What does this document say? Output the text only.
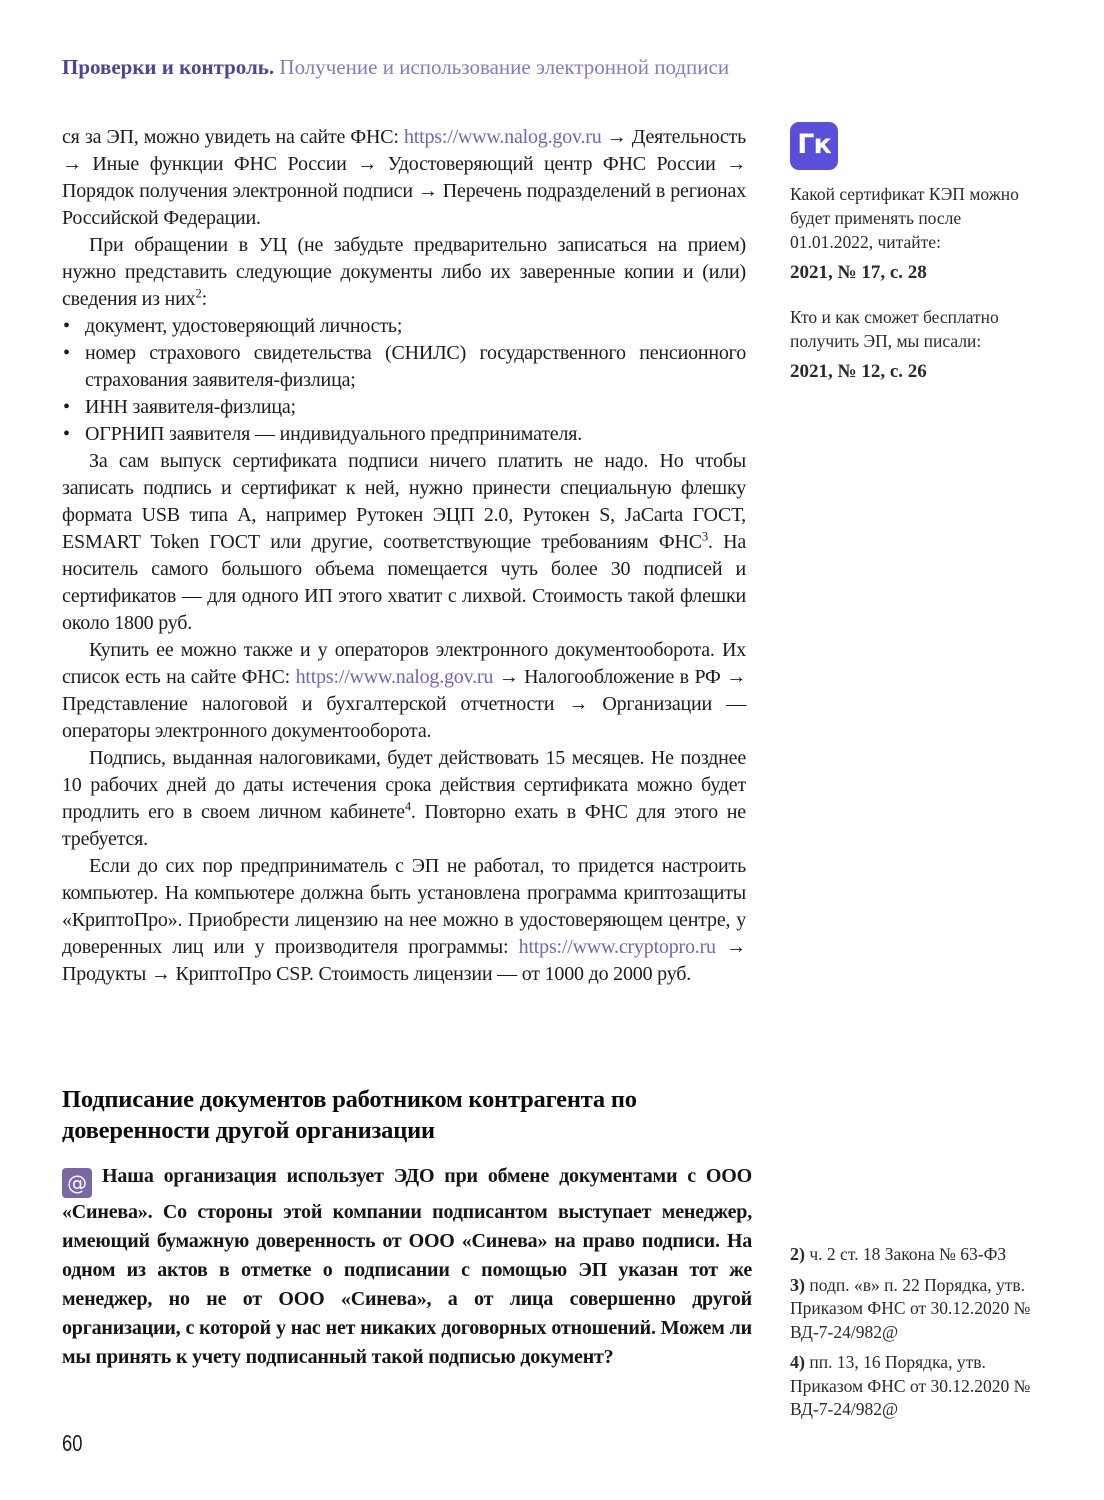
Проверки и контроль. Получение и использование электронной подписи

ся за ЭП, можно увидеть на сайте ФНС: https://www.nalog.gov.ru → Деятельность → Иные функции ФНС России → Удостоверяющий центр ФНС России → Порядок получения электронной подписи → Перечень подразделений в регионах Российской Федерации.

При обращении в УЦ (не забудьте предварительно записаться на прием) нужно представить следующие документы либо их заверенные копии и (или) сведения из них$^2$:

• документ, удостоверяющий личность;
• номер страхового свидетельства (СНИЛС) государственного пенсионного страхования заявителя-физлица;
• ИНН заявителя-физлица;
• ОГРНИП заявителя — индивидуального предпринимателя.

За сам выпуск сертификата подписи ничего платить не надо. Но чтобы записать подпись и сертификат к ней, нужно принести специальную флешку формата USB типа А, например Рутокен ЭЦП 2.0, Рутокен S, JaCarta ГОСТ, ESMART Token ГОСТ или другие, соответствующие требованиям ФНС$^3$. На носитель самого большого объема помещается чуть более 30 подписей и сертификатов — для одного ИП этого хватит с лихвой. Стоимость такой флешки около 1800 руб.

Купить ее можно также и у операторов электронного документооборота. Их список есть на сайте ФНС: https://www.nalog.gov.ru → Налогообложение в РФ → Представление налоговой и бухгалтерской отчетности → Организации — операторы электронного документооборота.

Подпись, выданная налоговиками, будет действовать 15 месяцев. Не позднее 10 рабочих дней до даты истечения срока действия сертификата можно будет продлить его в своем личном кабинете$^4$. Повторно ехать в ФНС для этого не требуется.

Если до сих пор предприниматель с ЭП не работал, то придется настроить компьютер. На компьютере должна быть установлена программа криптозащиты «КриптоПро». Приобрести лицензию на нее можно в удостоверяющем центре, у доверенных лиц или у производителя программы: https://www.cryptopro.ru → Продукты → КриптоПро CSP. Стоимость лицензии — от 1000 до 2000 руб.

Подписание документов работником контрагента по доверенности другой организации

@ Наша организация использует ЭДО при обмене документами с ООО «Синева». Со стороны этой компании подписантом выступает менеджер, имеющий бумажную доверенность от ООО «Синева» на право подписи. На одном из актов в отметке о подписании с помощью ЭП указан тот же менеджер, но не от ООО «Синева», а от лица совершенно другой организации, с которой у нас нет никаких договорных отношений. Можем ли мы принять к учету подписанный такой подписью документ?

Гк

Какой сертификат КЭП можно будет применять после 01.01.2022, читайте:

2021, № 17, с. 28

Кто и как сможет бесплатно получить ЭП, мы писали:

2021, № 12, с. 26

2) ч. 2 ст. 18 Закона № 63-ФЗ

3) подп. «в» п. 22 Порядка, утв. Приказом ФНС от 30.12.2020 № ВД-7-24/982@

4) пп. 13, 16 Порядка, утв. Приказом ФНС от 30.12.2020 № ВД-7-24/982@

60
